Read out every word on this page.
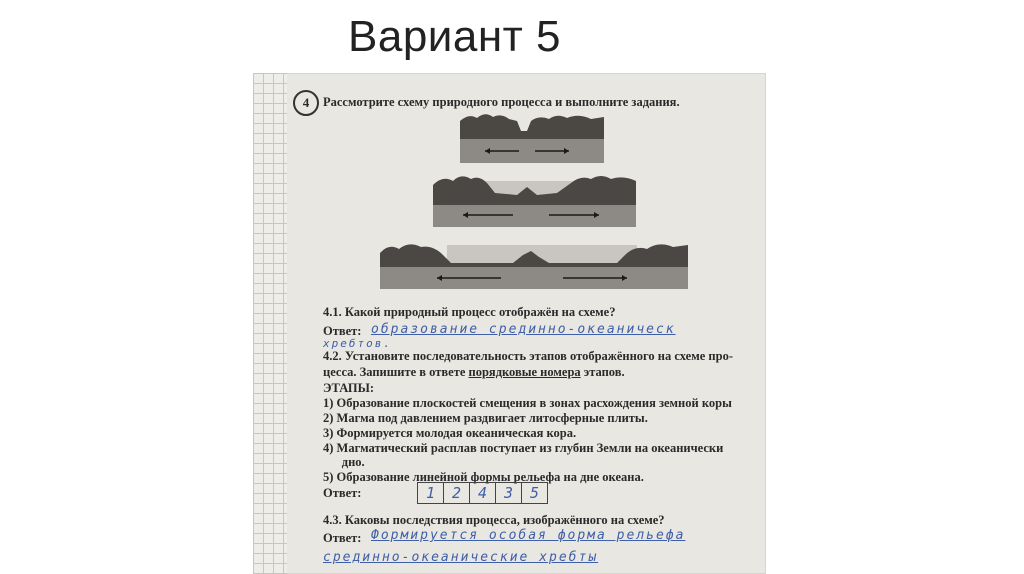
Вариант 5
4	Рассмотрите схему природного процесса и выполните задания.
4.1. Какой природный процесс отображён на схеме?
Ответ: образование срединно-океаническ
хребтов.
4.2. Установите последовательность этапов отображённого на схеме про-
цесса. Запишите в ответе порядковые номера этапов.
ЭТАПЫ:
1) Образование плоскостей смещения в зонах расхождения земной коры
2) Магма под давлением раздвигает литосферные плиты.
3) Формируется молодая океаническая кора.
4) Магматический расплав поступает из глубин Земли на океанически
дно.
5) Образование линейной формы рельефа на дне океана.
Ответ:	1	2	4	3	5
4.3. Каковы последствия процесса, изображённого на схеме?
Ответ: Формируется особая форма рельефа
срединно-океанические хребты
